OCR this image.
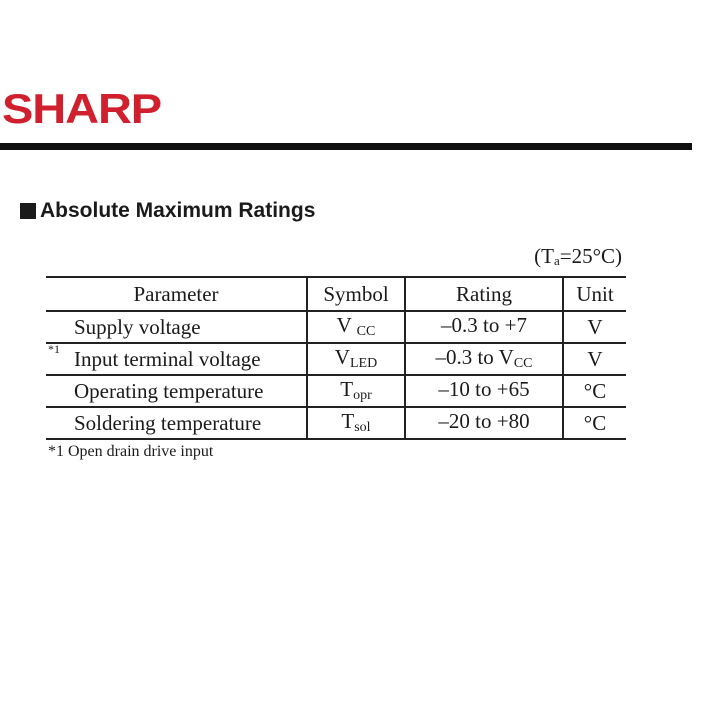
SHARP
Absolute Maximum Ratings
$(T_a=25^\circ C)$
Parameter	Symbol	Rating	Unit
Supply voltage	V $_{CC}$	–0.3 to +7	V

*1 Input terminal voltage	$V_{LED}$	–0.3 to $V_{CC}$	V
Operating temperature	$T_{opr}$	–10 to +65	°C
Soldering temperature	$T_{sol}$	–20 to +80	°C
*1 Open drain drive input
